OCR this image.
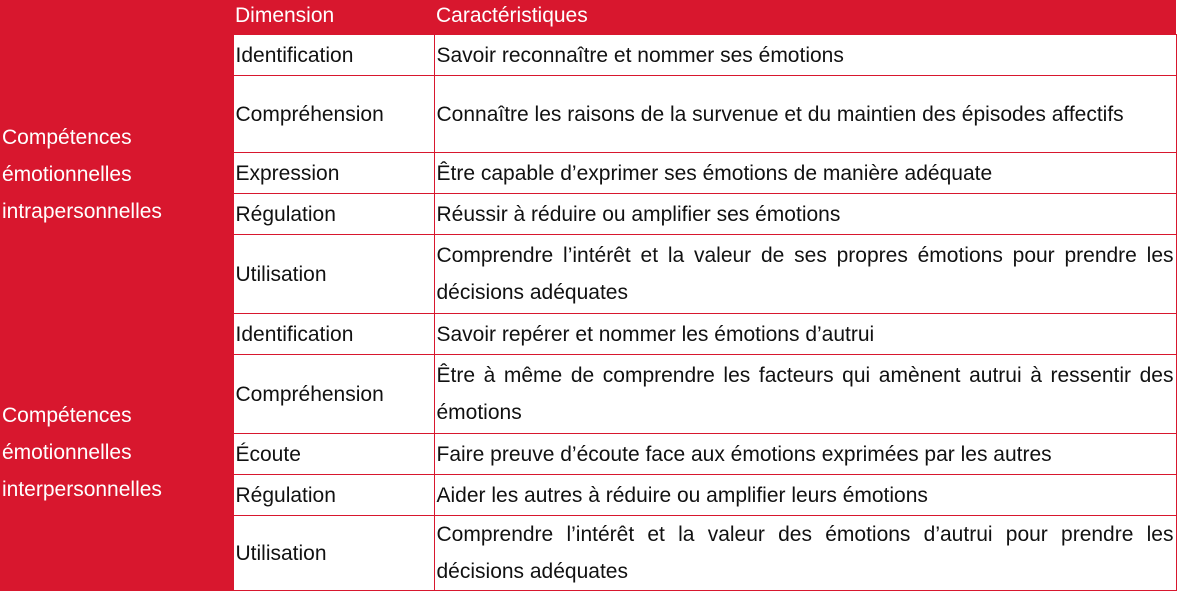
	Dimension	Caractéristiques
Compétences émotionnelles intrapersonnelles	Identification	Savoir reconnaître et nommer ses émotions
	Compréhension	Connaître les raisons de la survenue et du maintien des épisodes affectifs
	Expression	Être capable d’exprimer ses émotions de manière adéquate
	Régulation	Réussir à réduire ou amplifier ses émotions
	Utilisation	Comprendre l’intérêt et la valeur de ses propres émotions pour prendre les décisions adéquates
Compétences émotionnelles interpersonnelles	Identification	Savoir repérer et nommer les émotions d’autrui
	Compréhension	Être à même de comprendre les facteurs qui amènent autrui à ressentir des émotions
	Écoute	Faire preuve d’écoute face aux émotions exprimées par les autres
	Régulation	Aider les autres à réduire ou amplifier leurs émotions
	Utilisation	Comprendre l’intérêt et la valeur des émotions d’autrui pour prendre les décisions adéquates
